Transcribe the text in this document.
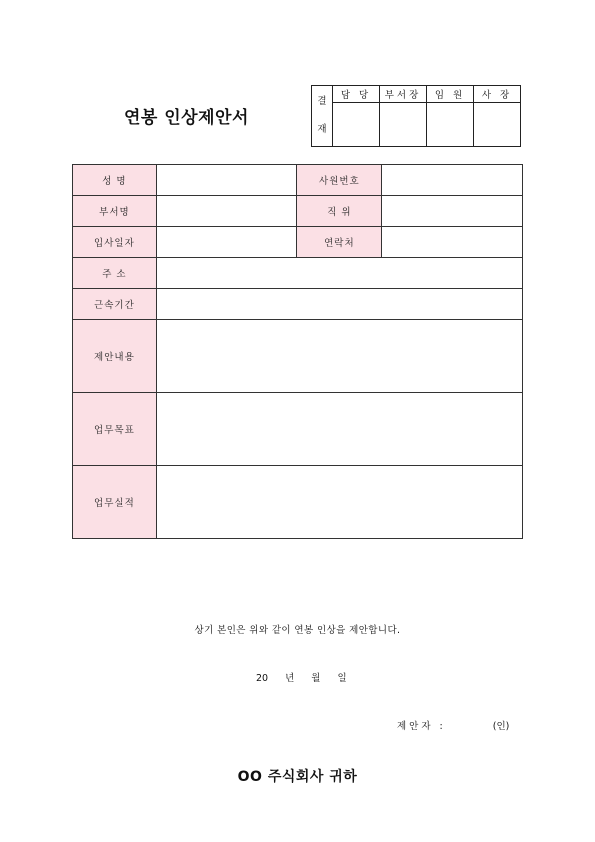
연봉 인상제안서
결

재	담 당	부서장	임 원	사 장

성 명		사원번호	
부서명		직 위	
입사일자		연락처	
주 소			
근속기간			
제안내용			
업무목표			
업무실적			
상기 본인은 위와 같이 연봉 인상을 제안합니다.
20 년 월 일
제안자 :	(인)
OO 주식회사 귀하
